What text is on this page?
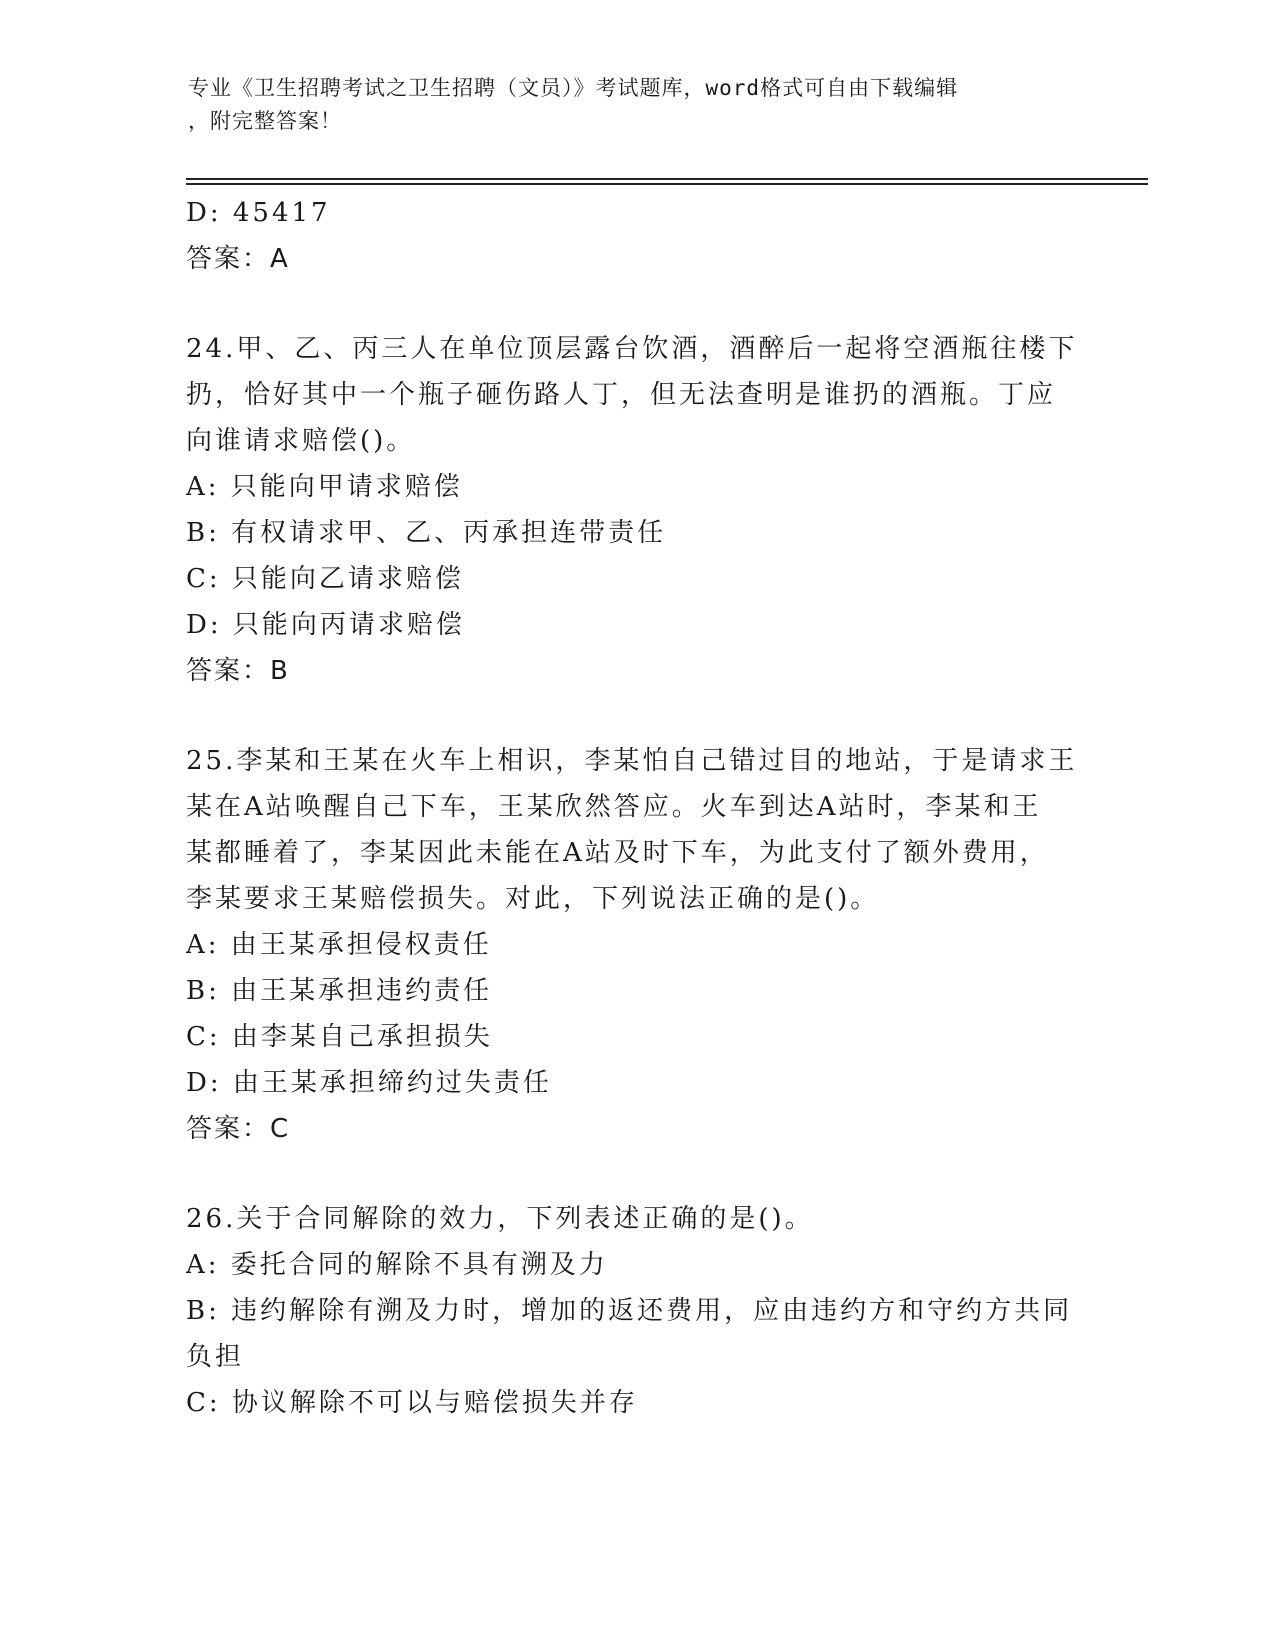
专业《卫生招聘考试之卫生招聘（文员）》考试题库，word格式可自由下载编辑
，附完整答案！
D: 45417
答案：A
24.甲、乙、丙三人在单位顶层露台饮酒，酒醉后一起将空酒瓶往楼下
扔，恰好其中一个瓶子砸伤路人丁，但无法查明是谁扔的酒瓶。丁应
向谁请求赔偿()。
A: 只能向甲请求赔偿
B: 有权请求甲、乙、丙承担连带责任
C: 只能向乙请求赔偿
D: 只能向丙请求赔偿
答案：B
25.李某和王某在火车上相识，李某怕自己错过目的地站，于是请求王
某在A站唤醒自己下车，王某欣然答应。火车到达A站时，李某和王
某都睡着了，李某因此未能在A站及时下车，为此支付了额外费用，
李某要求王某赔偿损失。对此，下列说法正确的是()。
A: 由王某承担侵权责任
B: 由王某承担违约责任
C: 由李某自己承担损失
D: 由王某承担缔约过失责任
答案：C
26.关于合同解除的效力，下列表述正确的是()。
A: 委托合同的解除不具有溯及力
B: 违约解除有溯及力时，增加的返还费用，应由违约方和守约方共同
负担
C: 协议解除不可以与赔偿损失并存
